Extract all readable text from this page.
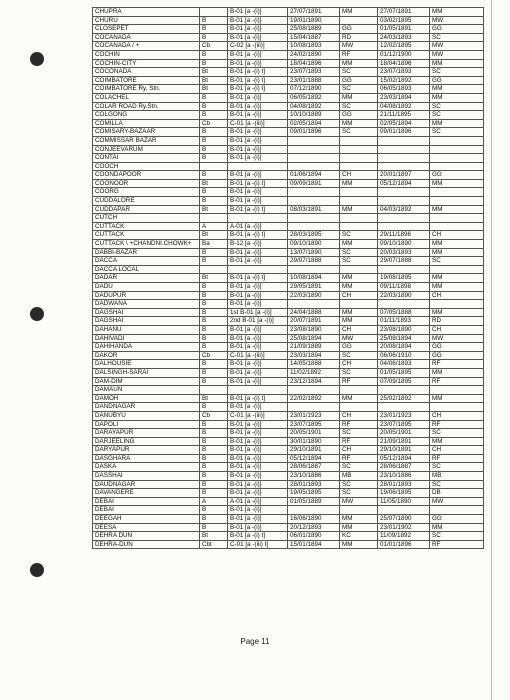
CHUPRA		B-01 [a -(i)]	27/07/1891	MM	27/07/1891	MM
CHURU	B	B-01 [a -(i)]	19/01/1890		03/02/1895	MW
CLOSEPET	B	B-01 [a -(i)]	25/08/1889	GG	01/05/1891	GG
COCANADA	B	B-01 [a -(i)]	15/04/1887	RD	24/03/1893	SC
COCANADA / +	Cb	C-02 [a -(iii)]	10/08/1893	MW	12/02/1895	MW
COCHIN	B	B-01 [a -(i)]	24/02/1890	RF	01/12/1900	MW
COCHIN-CITY	B	B-01 [a -(i)]	18/04/1896	MM	18/04/1896	MM
COCONADA	Bt	B-01 [a -(i) t]	23/07/1893	SC	23/07/1893	SC
COIMBATORE	Bt	B-01 [a -(i) t]	23/01/1888	GG	15/02/1892	GG
COIMBATORE Ry. Stn.	Bt	B-01 [a -(i) t]	07/12/1890	SC	06/05/1893	MM
COLACHEL	B	B-01 [a -(i)]	06/05/1892	MM	23/03/1894	MM
COLAR ROAD Ry.Stn.	B	B-01 [a -(i)]	04/08/1892	SC	04/08/1892	SC
COLGONG	B	B-01 [a -(i)]	10/10/1889	GG	21/11/1895	SC
COMILLA	Cb	C-01 [a -(iii)]	02/05/1894	MM	02/05/1894	MM
COMISARY-BAZAAR	B	B-01 [a -(i)]	09/01/1896	SC	09/01/1896	SC
COMMISSAR BAZAR	B	B-01 [a -(i)]				
CONJEEVARUM	B	B-01 [a -(i)]				
CONTAI	B	B-01 [a -(i)]				
COOCH						
COONDAPOOR	B	B-01 [a -(i)]	01/06/1894	CH	20/01/1897	GG
COONOOR	Bt	B-01 [a -(i) t]	09/09/1891	MM	05/12/1894	MM
COORG	B	B-01 [a -(i)]				
CUDDALORE	B	B-01 [a -(i)]				
CUDDAPAR	Bt	B-01 [a -(i) t]	08/03/1891	MM	04/03/1892	MM
CUTCH						
CUTTACK	A	A-01 [a -(i)]				
CUTTACK	Bt	B-01 [a -(i) t]	28/03/1895	SC	29/11/1896	CH
CUTTACK \ +CHANDNI.CHOWK+	Ba	B-12 [a -(i)]	09/10/1890	MM	09/10/1890	MM
DABBI-BAZAR	B	B-01 [a -(i)]	13/07/1890	SC	20/03/1893	MM
DACCA	B	B-01 [a -(i)]	29/07/1888	SC	29/07/1888	SC
DACCA LOCAL						
DADAR	Bt	B-01 [a -(i) t]	10/08/1894	MM	19/08/1895	MM
DADU	B	B-01 [a -(i)]	29/05/1891	MM	09/11/1898	MM
DADUPUR	B	B-01 [a -(i)]	22/03/1890	CH	22/03/1890	CH
DADWANA	B	B-01 [a -(i)]				
DAGSHAI	B	1st B-01 [a -(i)]	24/04/1888	MM	07/05/1888	MM
DAGSHAI	B	2nd B-01 [a -(i)]	20/07/1891	MM	01/11/1893	RD
DAHANU	B	B-01 [a -(i)]	23/08/1890	CH	23/08/1890	CH
DAHIVADI	B	B-01 [a -(i)]	25/08/1894	MW	25/08/1894	MW
DAHIHANDA	B	B-01 [a -(i)]	21/09/1889	GG	20/08/1894	GG
DAKOR	Cb	C-01 [a -(iii)]	23/03/1894	SC	06/06/1910	GG
DALHOUSIE	B	B-01 [a -(i)]	14/05/1888	CH	04/06/1893	RF
DALSINGH-SARAI	B	B-01 [a -(i)]	11/02/1892	SC	01/05/1895	MM
DAM-DIM	B	B-01 [a -(i)]	23/12/1894	RF	07/09/1895	RF
DAMAUN						
DAMOH	Bt	B-01 [a -(i) t]	22/02/1892	MM	25/02/1892	MM
DANDNAGAR	B	B-01 [a -(i)]				
DANUBYU	Cb	C-01 [a -(iii)]	23/01/1923	CH	23/01/1923	CH
DAPOLI	B	B-01 [a -(i)]	23/07/1895	RF	23/07/1895	RF
DARAYAPUR	B	B-01 [a -(i)]	20/05/1901	SC	20/05/1901	SC
DARJEELING	B	B-01 [a -(i)]	30/01/1890	RF	21/09/1891	MM
DARYAPUR	B	B-01 [a -(i)]	29/10/1891	CH	29/10/1891	CH
DASGHARA	B	B-01 [a -(i)]	05/12/1894	RF	05/12/1894	RF
DASKA	B	B-01 [a -(i)]	28/06/1887	SC	28/06/1887	SC
DASSHAI	B	B-01 [a -(i)]	23/10/1886	MB	23/10/1886	MB
DAUDNAGAR	B	B-01 [a -(i)]	28/01/1893	SC	28/01/1893	SC
DAVANGERE	B	B-01 [a -(i)]	19/05/1895	SC	19/06/1895	DB
DEBAI	A	A-01 [a -(i)]	01/05/1889	MW	11/05/1890	MW
DEBAI	B	B-01 [a -(i)]				
DEEGAH	B	B-01 [a -(i)]	16/06/1890	MM	25/07/1890	GG
DEESA	B	B-01 [a -(i)]	20/12/1893	MM	23/01/1902	MM
DEHRA DUN	Bt	B-01 [a -(i) t]	06/01/1890	KC	11/09/1892	SC
DEHRA-DUN	Cbt	C-01 [a -(iii) t]	15/01/1894	MM	01/01/1896	RF
Page 11
